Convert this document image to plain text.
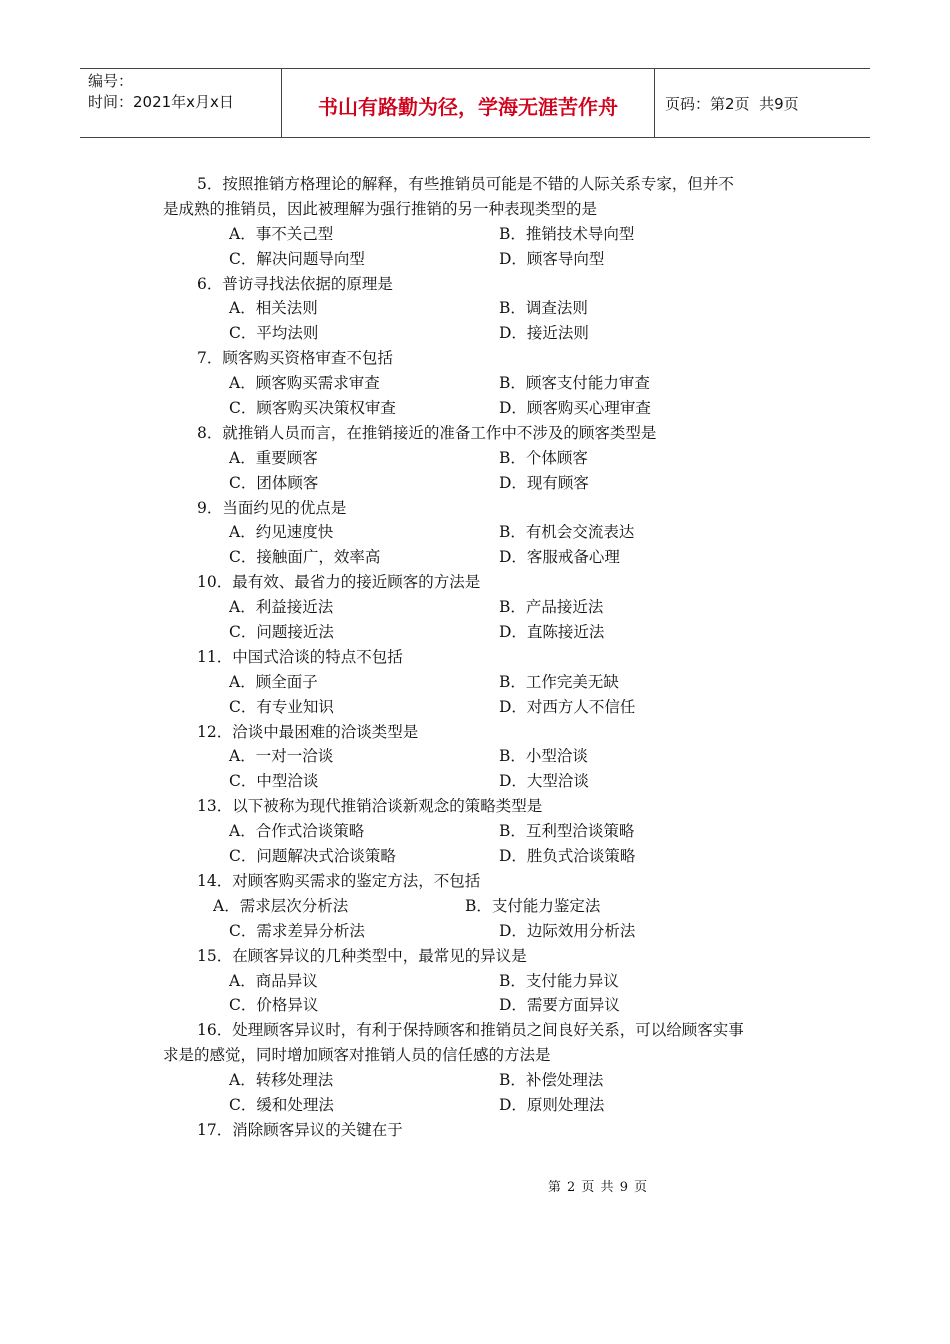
编号：
时间：2021年x月x日	书山有路勤为径，学海无涯苦作舟	页码：第2页  共9页
5．按照推销方格理论的解释，有些推销员可能是不错的人际关系专家，但并不
是成熟的推销员，因此被理解为强行推销的另一种表现类型的是
A．事不关己型	B．推销技术导向型
C．解决问题导向型	D．顾客导向型
6．普访寻找法依据的原理是
A．相关法则	B．调查法则
C．平均法则	D．接近法则
7．顾客购买资格审查不包括
A．顾客购买需求审查	B．顾客支付能力审查
C．顾客购买决策权审查	D．顾客购买心理审查
8．就推销人员而言，在推销接近的准备工作中不涉及的顾客类型是
A．重要顾客	B．个体顾客
C．团体顾客	D．现有顾客
9．当面约见的优点是
A．约见速度快	B．有机会交流表达
C．接触面广，效率高	D．客服戒备心理
10．最有效、最省力的接近顾客的方法是
A．利益接近法	B．产品接近法
C．问题接近法	D．直陈接近法
11．中国式洽谈的特点不包括
A．顾全面子	B．工作完美无缺
C．有专业知识	D．对西方人不信任
12．洽谈中最困难的洽谈类型是
A．一对一洽谈	B．小型洽谈
C．中型洽谈	D．大型洽谈
13．以下被称为现代推销洽谈新观念的策略类型是
A．合作式洽谈策略	B．互利型洽谈策略
C．问题解决式洽谈策略	D．胜负式洽谈策略
14．对顾客购买需求的鉴定方法，不包括
A．需求层次分析法	B．支付能力鉴定法
C．需求差异分析法	D．边际效用分析法
15．在顾客异议的几种类型中，最常见的异议是
A．商品异议	B．支付能力异议
C．价格异议	D．需要方面异议
16．处理顾客异议时，有利于保持顾客和推销员之间良好关系，可以给顾客实事
求是的感觉，同时增加顾客对推销人员的信任感的方法是
A．转移处理法	B．补偿处理法
C．缓和处理法	D．原则处理法
17．消除顾客异议的关键在于
第 2 页 共 9 页
